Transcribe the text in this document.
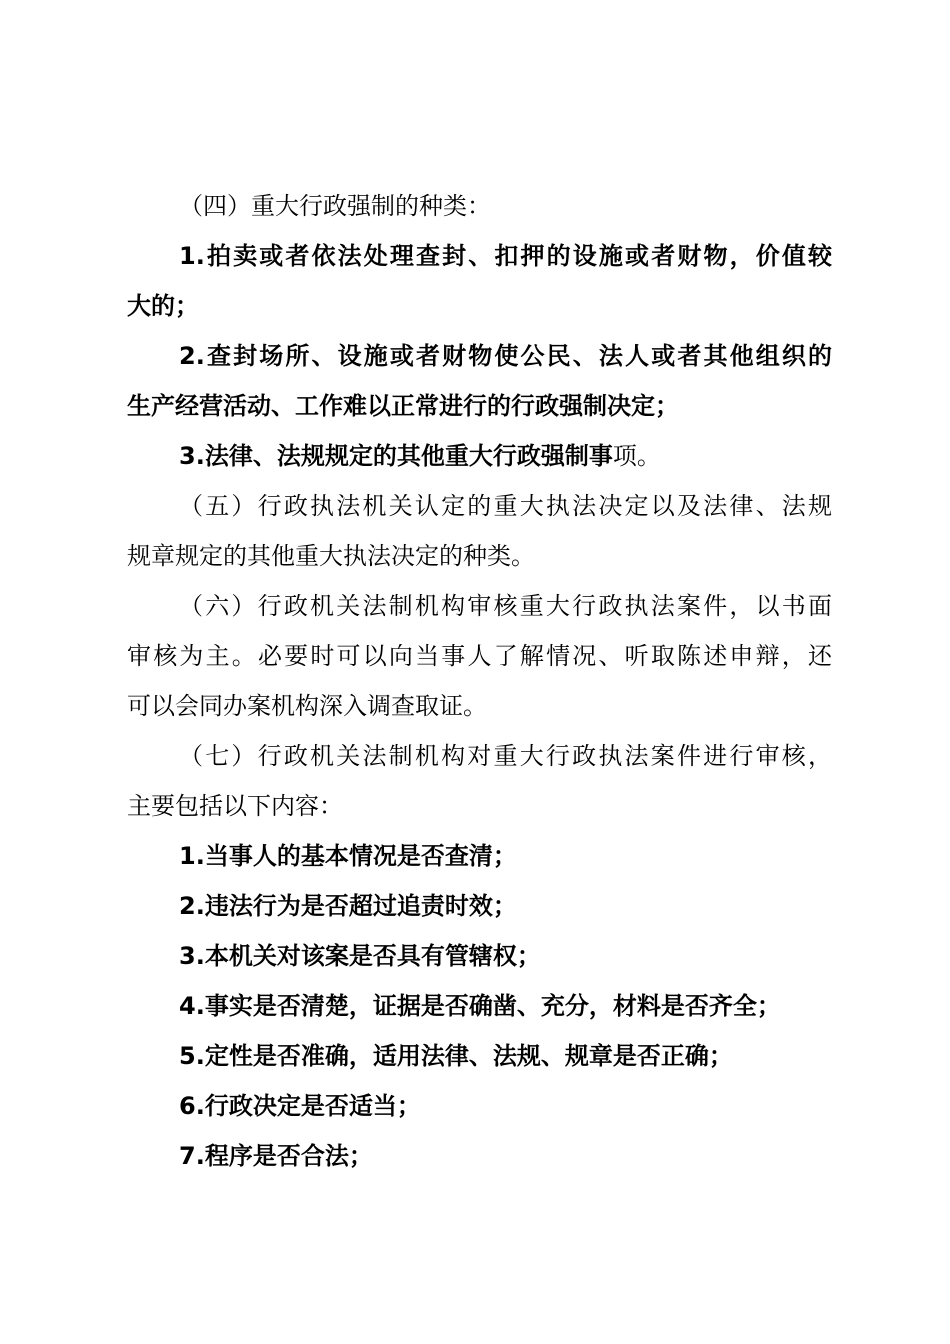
（四）重大行政强制的种类：
1.拍卖或者依法处理查封、扣押的设施或者财物，价值较
大的；
2.查封场所、设施或者财物使公民、法人或者其他组织的
生产经营活动、工作难以正常进行的行政强制决定；
3.法律、法规规定的其他重大行政强制事项。
（五）行政执法机关认定的重大执法决定以及法律、法规
规章规定的其他重大执法决定的种类。
（六）行政机关法制机构审核重大行政执法案件，以书面
审核为主。必要时可以向当事人了解情况、听取陈述申辩，还
可以会同办案机构深入调查取证。
（七）行政机关法制机构对重大行政执法案件进行审核，
主要包括以下内容：
1.当事人的基本情况是否查清；
2.违法行为是否超过追责时效；
3.本机关对该案是否具有管辖权；
4.事实是否清楚，证据是否确凿、充分，材料是否齐全；
5.定性是否准确，适用法律、法规、规章是否正确；
6.行政决定是否适当；
7.程序是否合法；
